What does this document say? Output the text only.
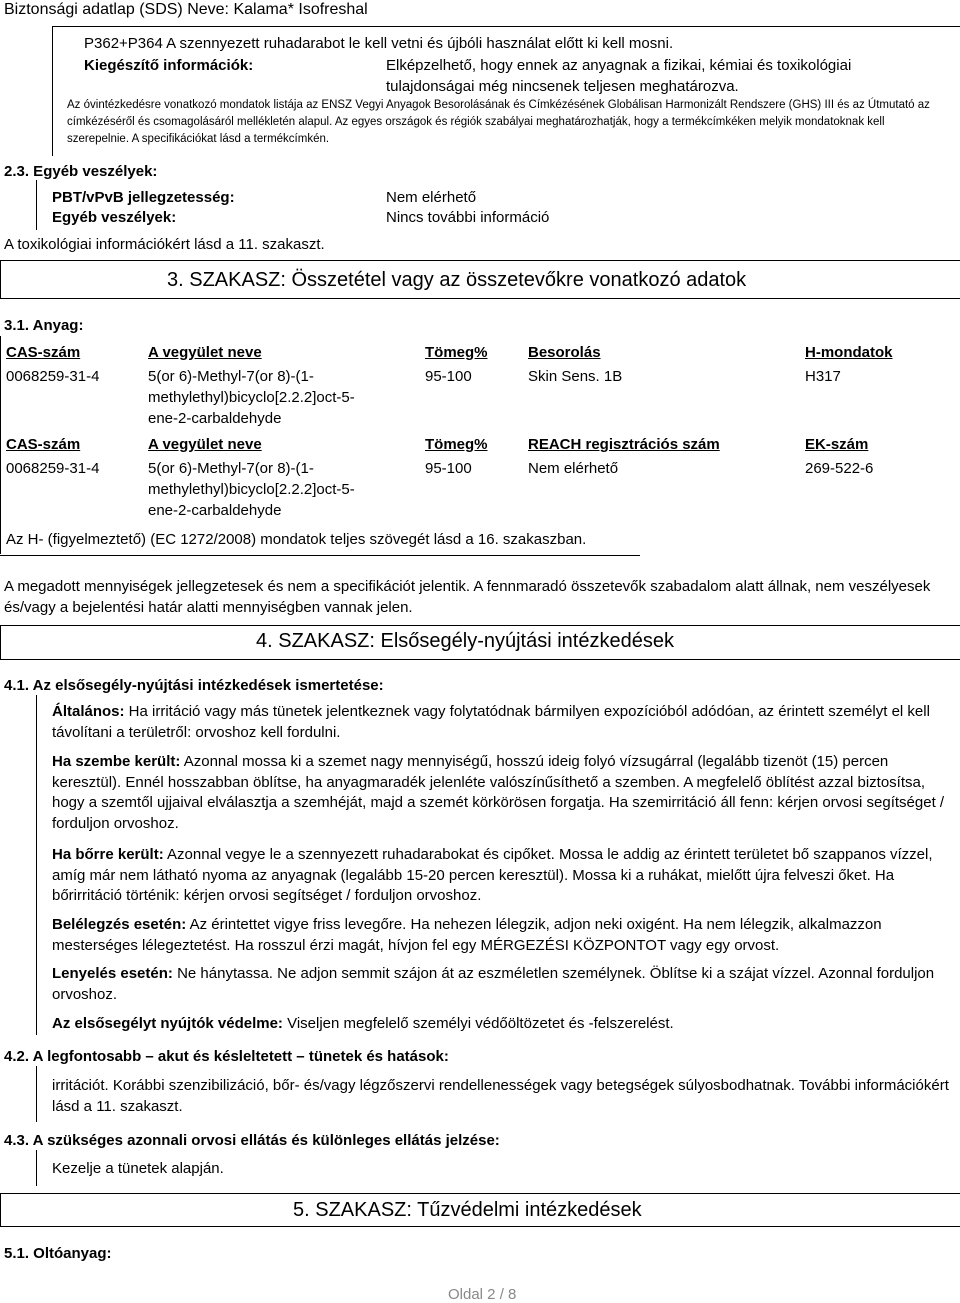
Biztonsági adatlap (SDS) Neve: Kalama* Isofreshal
P362+P364 A szennyezett ruhadarabot le kell vetni és újbóli használat előtt ki kell mosni.
Kiegészítő információk:	Elképzelhető, hogy ennek az anyagnak a fizikai, kémiai és toxikológiai
tulajdonságai még nincsenek teljesen meghatározva.
Az óvintézkedésre vonatkozó mondatok listája az ENSZ Vegyi Anyagok Besorolásának és Címkézésének Globálisan Harmonizált Rendszere (GHS) III és az Útmutató az címkézéséről és csomagolásáról mellékletén alapul. Az egyes országok és régiók szabályai meghatározhatják, hogy a termékcímkéken melyik mondatoknak kell szerepelnie. A specifikációkat lásd a termékcímkén.
2.3. Egyéb veszélyek:
PBT/vPvB jellegzetesség:	Nem elérhető
Egyéb veszélyek:	Nincs további információ
A toxikológiai információkért lásd a 11. szakaszt.
3. SZAKASZ: Összetétel vagy az összetevőkre vonatkozó adatok
3.1. Anyag:
CAS-szám	A vegyület neve	Tömeg%	Besorolás	H-mondatok
0068259-31-4	5(or 6)-Methyl-7(or 8)-(1-
methylethyl)bicyclo[2.2.2]oct-5-
ene-2-carbaldehyde
95-100	Skin Sens. 1B	H317
CAS-szám	A vegyület neve	Tömeg%	REACH regisztrációs szám	EK-szám
0068259-31-4	5(or 6)-Methyl-7(or 8)-(1-
methylethyl)bicyclo[2.2.2]oct-5-
ene-2-carbaldehyde
95-100	Nem elérhető	269-522-6
Az H- (figyelmeztető) (EC 1272/2008) mondatok teljes szövegét lásd a 16. szakaszban.
A megadott mennyiségek jellegzetesek és nem a specifikációt jelentik. A fennmaradó összetevők szabadalom alatt állnak, nem veszélyesek és/vagy a bejelentési határ alatti mennyiségben vannak jelen.
4. SZAKASZ: Elsősegély-nyújtási intézkedések
4.1. Az elsősegély-nyújtási intézkedések ismertetése:

Általános: Ha irritáció vagy más tünetek jelentkeznek vagy folytatódnak bármilyen expozícióból adódóan, az érintett személyt el kell távolítani a területről: orvoshoz kell fordulni.

Ha szembe került: Azonnal mossa ki a szemet nagy mennyiségű, hosszú ideig folyó vízsugárral (legalább tizenöt (15) percen keresztül). Ennél hosszabban öblítse, ha anyagmaradék jelenléte valószínűsíthető a szemben. A megfelelő öblítést azzal biztosítsa, hogy a szemtől ujjaival elválasztja a szemhéját, majd a szemét körkörösen forgatja. Ha szemirritáció áll fenn: kérjen orvosi segítséget / forduljon orvoshoz.

Ha bőrre került: Azonnal vegye le a szennyezett ruhadarabokat és cipőket. Mossa le addig az érintett területet bő szappanos vízzel, amíg már nem látható nyoma az anyagnak (legalább 15-20 percen keresztül). Mossa ki a ruhákat, mielőtt újra felveszi őket. Ha bőrirritáció történik: kérjen orvosi segítséget / forduljon orvoshoz.

Belélegzés esetén: Az érintettet vigye friss levegőre. Ha nehezen lélegzik, adjon neki oxigént. Ha nem lélegzik, alkalmazzon mesterséges lélegeztetést. Ha rosszul érzi magát, hívjon fel egy MÉRGEZÉSI KÖZPONTOT vagy egy orvost.

Lenyelés esetén: Ne hánytassa. Ne adjon semmit szájon át az eszméletlen személynek. Öblítse ki a szájat vízzel. Azonnal forduljon orvoshoz.

Az elsősegélyt nyújtók védelme: Viseljen megfelelő személyi védőöltözetet és -felszerelést.

4.2. A legfontosabb – akut és késleltetett – tünetek és hatások:
irritációt. Korábbi szenzibilizáció, bőr- és/vagy légzőszervi rendellenességek vagy betegségek súlyosbodhatnak. További információkért lásd a 11. szakaszt.
4.3. A szükséges azonnali orvosi ellátás és különleges ellátás jelzése:
Kezelje a tünetek alapján.
5. SZAKASZ: Tűzvédelmi intézkedések
5.1. Oltóanyag:
Oldal 2 / 8
